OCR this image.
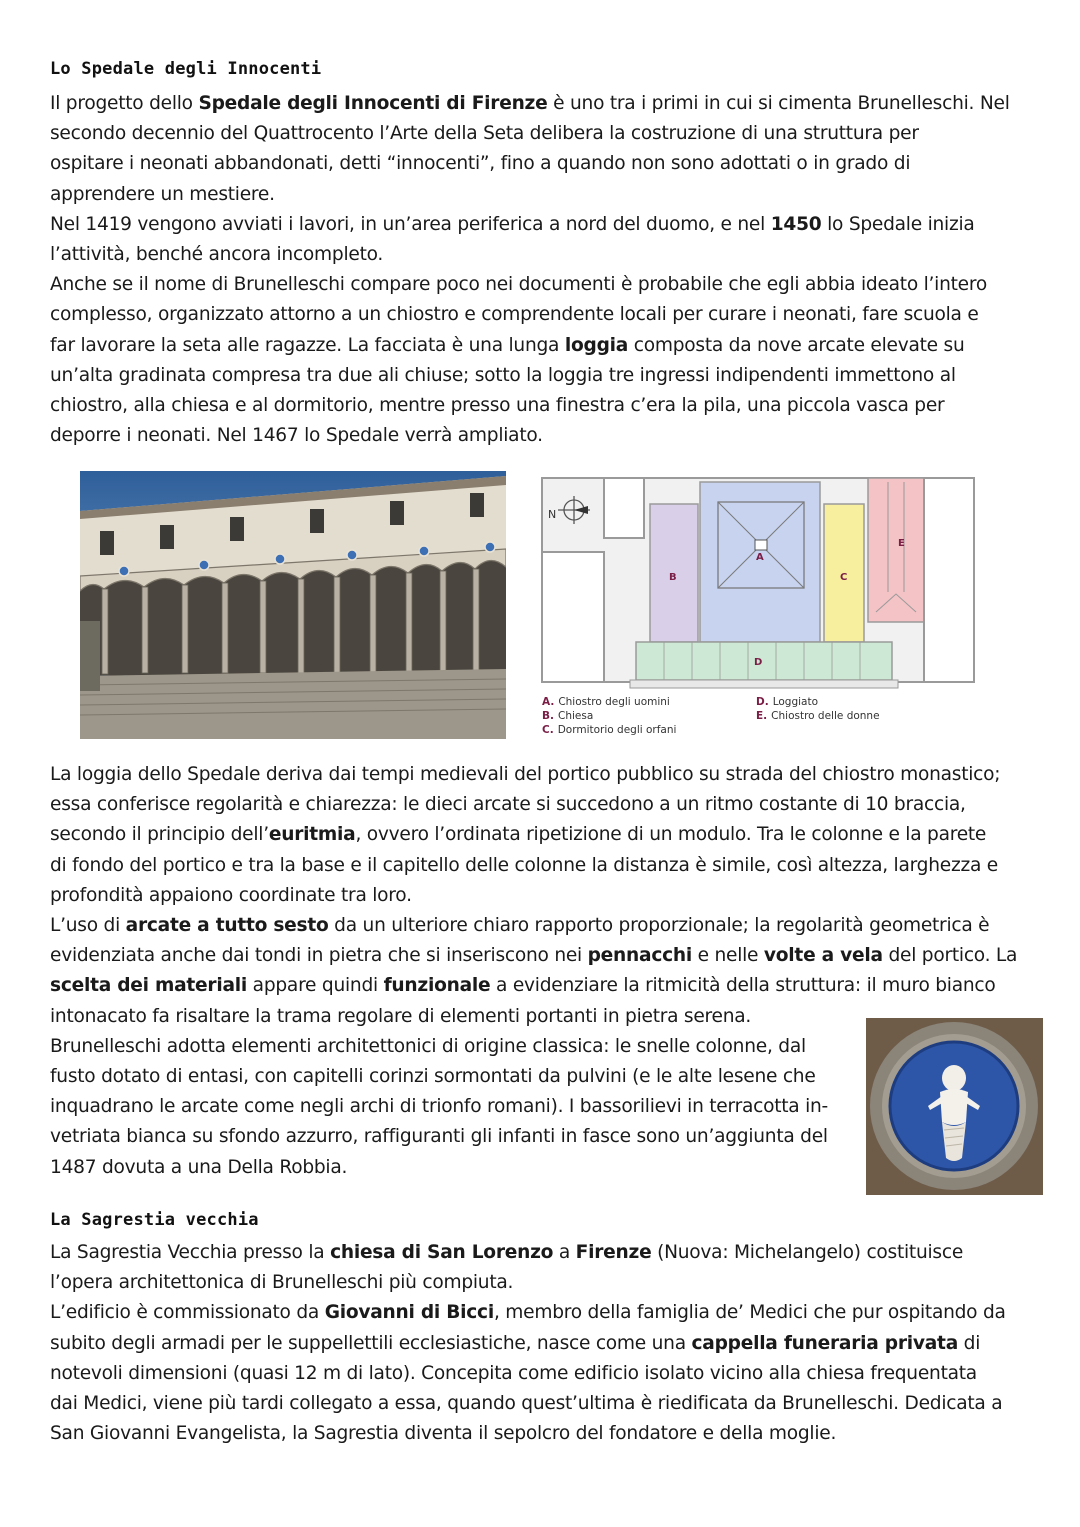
Lo Spedale degli Innocenti
Il progetto dello Spedale degli Innocenti di Firenze è uno tra i primi in cui si cimenta Brunelleschi. Nel
secondo decennio del Quattrocento l’Arte della Seta delibera la costruzione di una struttura per
ospitare i neonati abbandonati, detti “innocenti”, fino a quando non sono adottati o in grado di
apprendere un mestiere.
Nel 1419 vengono avviati i lavori, in un’area periferica a nord del duomo, e nel 1450 lo Spedale inizia
l’attività, benché ancora incompleto.
Anche se il nome di Brunelleschi compare poco nei documenti è probabile che egli abbia ideato l’intero
complesso, organizzato attorno a un chiostro e comprendente locali per curare i neonati, fare scuola e
far lavorare la seta alle ragazze. La facciata è una lunga loggia composta da nove arcate elevate su
un’alta gradinata compresa tra due ali chiuse; sotto la loggia tre ingressi indipendenti immettono al
chiostro, alla chiesa e al dormitorio, mentre presso una finestra c’era la pila, una piccola vasca per
deporre i neonati. Nel 1467 lo Spedale verrà ampliato.
N
B
A
C
E
D
A. Chiostro degli uomini
B. Chiesa
C. Dormitorio degli orfani
D. Loggiato
E. Chiostro delle donne
La loggia dello Spedale deriva dai tempi medievali del portico pubblico su strada del chiostro monastico;
essa conferisce regolarità e chiarezza: le dieci arcate si succedono a un ritmo costante di 10 braccia,
secondo il principio dell’euritmia, ovvero l’ordinata ripetizione di un modulo. Tra le colonne e la parete
di fondo del portico e tra la base e il capitello delle colonne la distanza è simile, così altezza, larghezza e
profondità appaiono coordinate tra loro.
L’uso di arcate a tutto sesto da un ulteriore chiaro rapporto proporzionale; la regolarità geometrica è
evidenziata anche dai tondi in pietra che si inseriscono nei pennacchi e nelle volte a vela del portico. La
scelta dei materiali appare quindi funzionale a evidenziare la ritmicità della struttura: il muro bianco
intonacato fa risaltare la trama regolare di elementi portanti in pietra serena.
Brunelleschi adotta elementi architettonici di origine classica: le snelle colonne, dal
fusto dotato di entasi, con capitelli corinzi sormontati da pulvini (e le alte lesene che
inquadrano le arcate come negli archi di trionfo romani). I bassorilievi in terracotta in-
vetriata bianca su sfondo azzurro, raffiguranti gli infanti in fasce sono un’aggiunta del
1487 dovuta a una Della Robbia.
La Sagrestia vecchia
La Sagrestia Vecchia presso la chiesa di San Lorenzo a Firenze (Nuova: Michelangelo) costituisce
l’opera architettonica di Brunelleschi più compiuta.
L’edificio è commissionato da Giovanni di Bicci, membro della famiglia de’ Medici che pur ospitando da
subito degli armadi per le suppellettili ecclesiastiche, nasce come una cappella funeraria privata di
notevoli dimensioni (quasi 12 m di lato). Concepita come edificio isolato vicino alla chiesa frequentata
dai Medici, viene più tardi collegato a essa, quando quest’ultima è riedificata da Brunelleschi. Dedicata a
San Giovanni Evangelista, la Sagrestia diventa il sepolcro del fondatore e della moglie.
